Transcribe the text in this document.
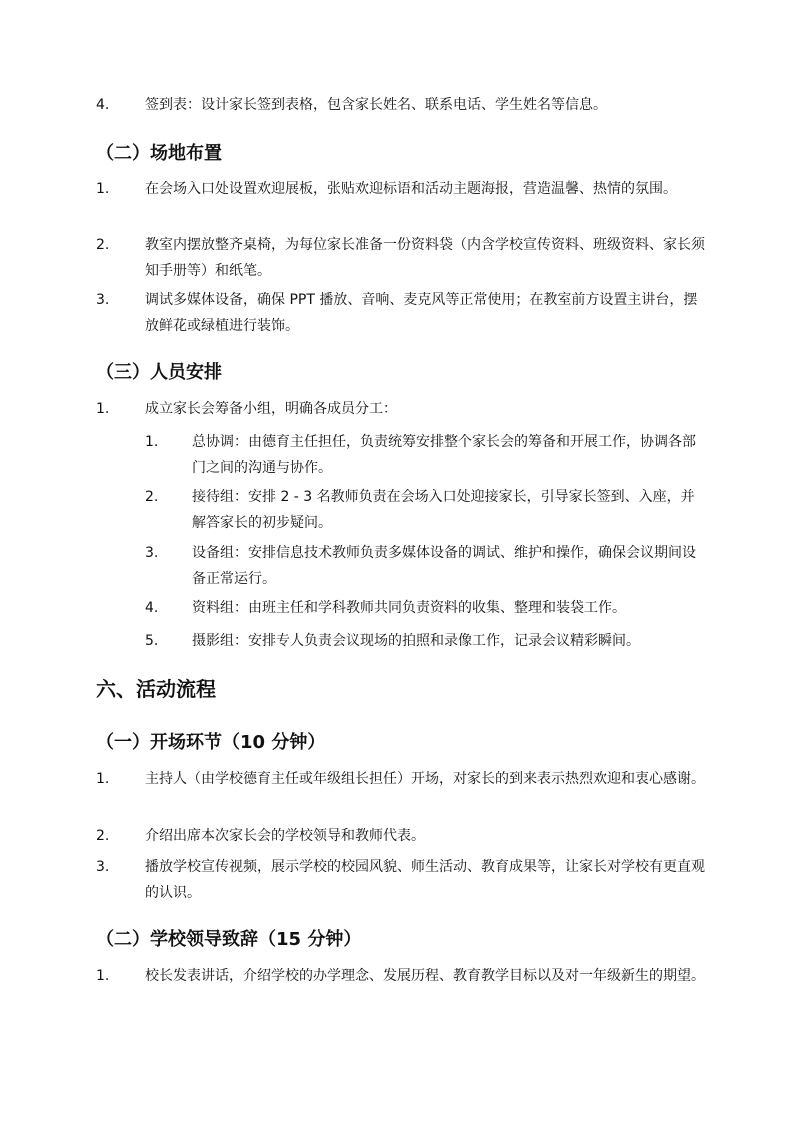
4.	签到表：设计家长签到表格，包含家长姓名、联系电话、学生姓名等信息。
（二）场地布置
1.	在会场入口处设置欢迎展板，张贴欢迎标语和活动主题海报，营造温馨、热情的氛围。
2.	教室内摆放整齐桌椅，为每位家长准备一份资料袋（内含学校宣传资料、班级资料、家长须知手册等）和纸笔。
3.	调试多媒体设备，确保 PPT 播放、音响、麦克风等正常使用；在教室前方设置主讲台，摆放鲜花或绿植进行装饰。
（三）人员安排
1.	成立家长会筹备小组，明确各成员分工：
1. 总协调：由德育主任担任，负责统筹安排整个家长会的筹备和开展工作，协调各部门之间的沟通与协作。
2. 接待组：安排 2 - 3 名教师负责在会场入口处迎接家长，引导家长签到、入座，并解答家长的初步疑问。
3. 设备组：安排信息技术教师负责多媒体设备的调试、维护和操作，确保会议期间设备正常运行。
4. 资料组：由班主任和学科教师共同负责资料的收集、整理和装袋工作。
5. 摄影组：安排专人负责会议现场的拍照和录像工作，记录会议精彩瞬间。
六、活动流程
（一）开场环节（10 分钟）
1.	主持人（由学校德育主任或年级组长担任）开场，对家长的到来表示热烈欢迎和衷心感谢。
2.	介绍出席本次家长会的学校领导和教师代表。
3.	播放学校宣传视频，展示学校的校园风貌、师生活动、教育成果等，让家长对学校有更直观的认识。
（二）学校领导致辞（15 分钟）
1.	校长发表讲话，介绍学校的办学理念、发展历程、教育教学目标以及对一年级新生的期望。
